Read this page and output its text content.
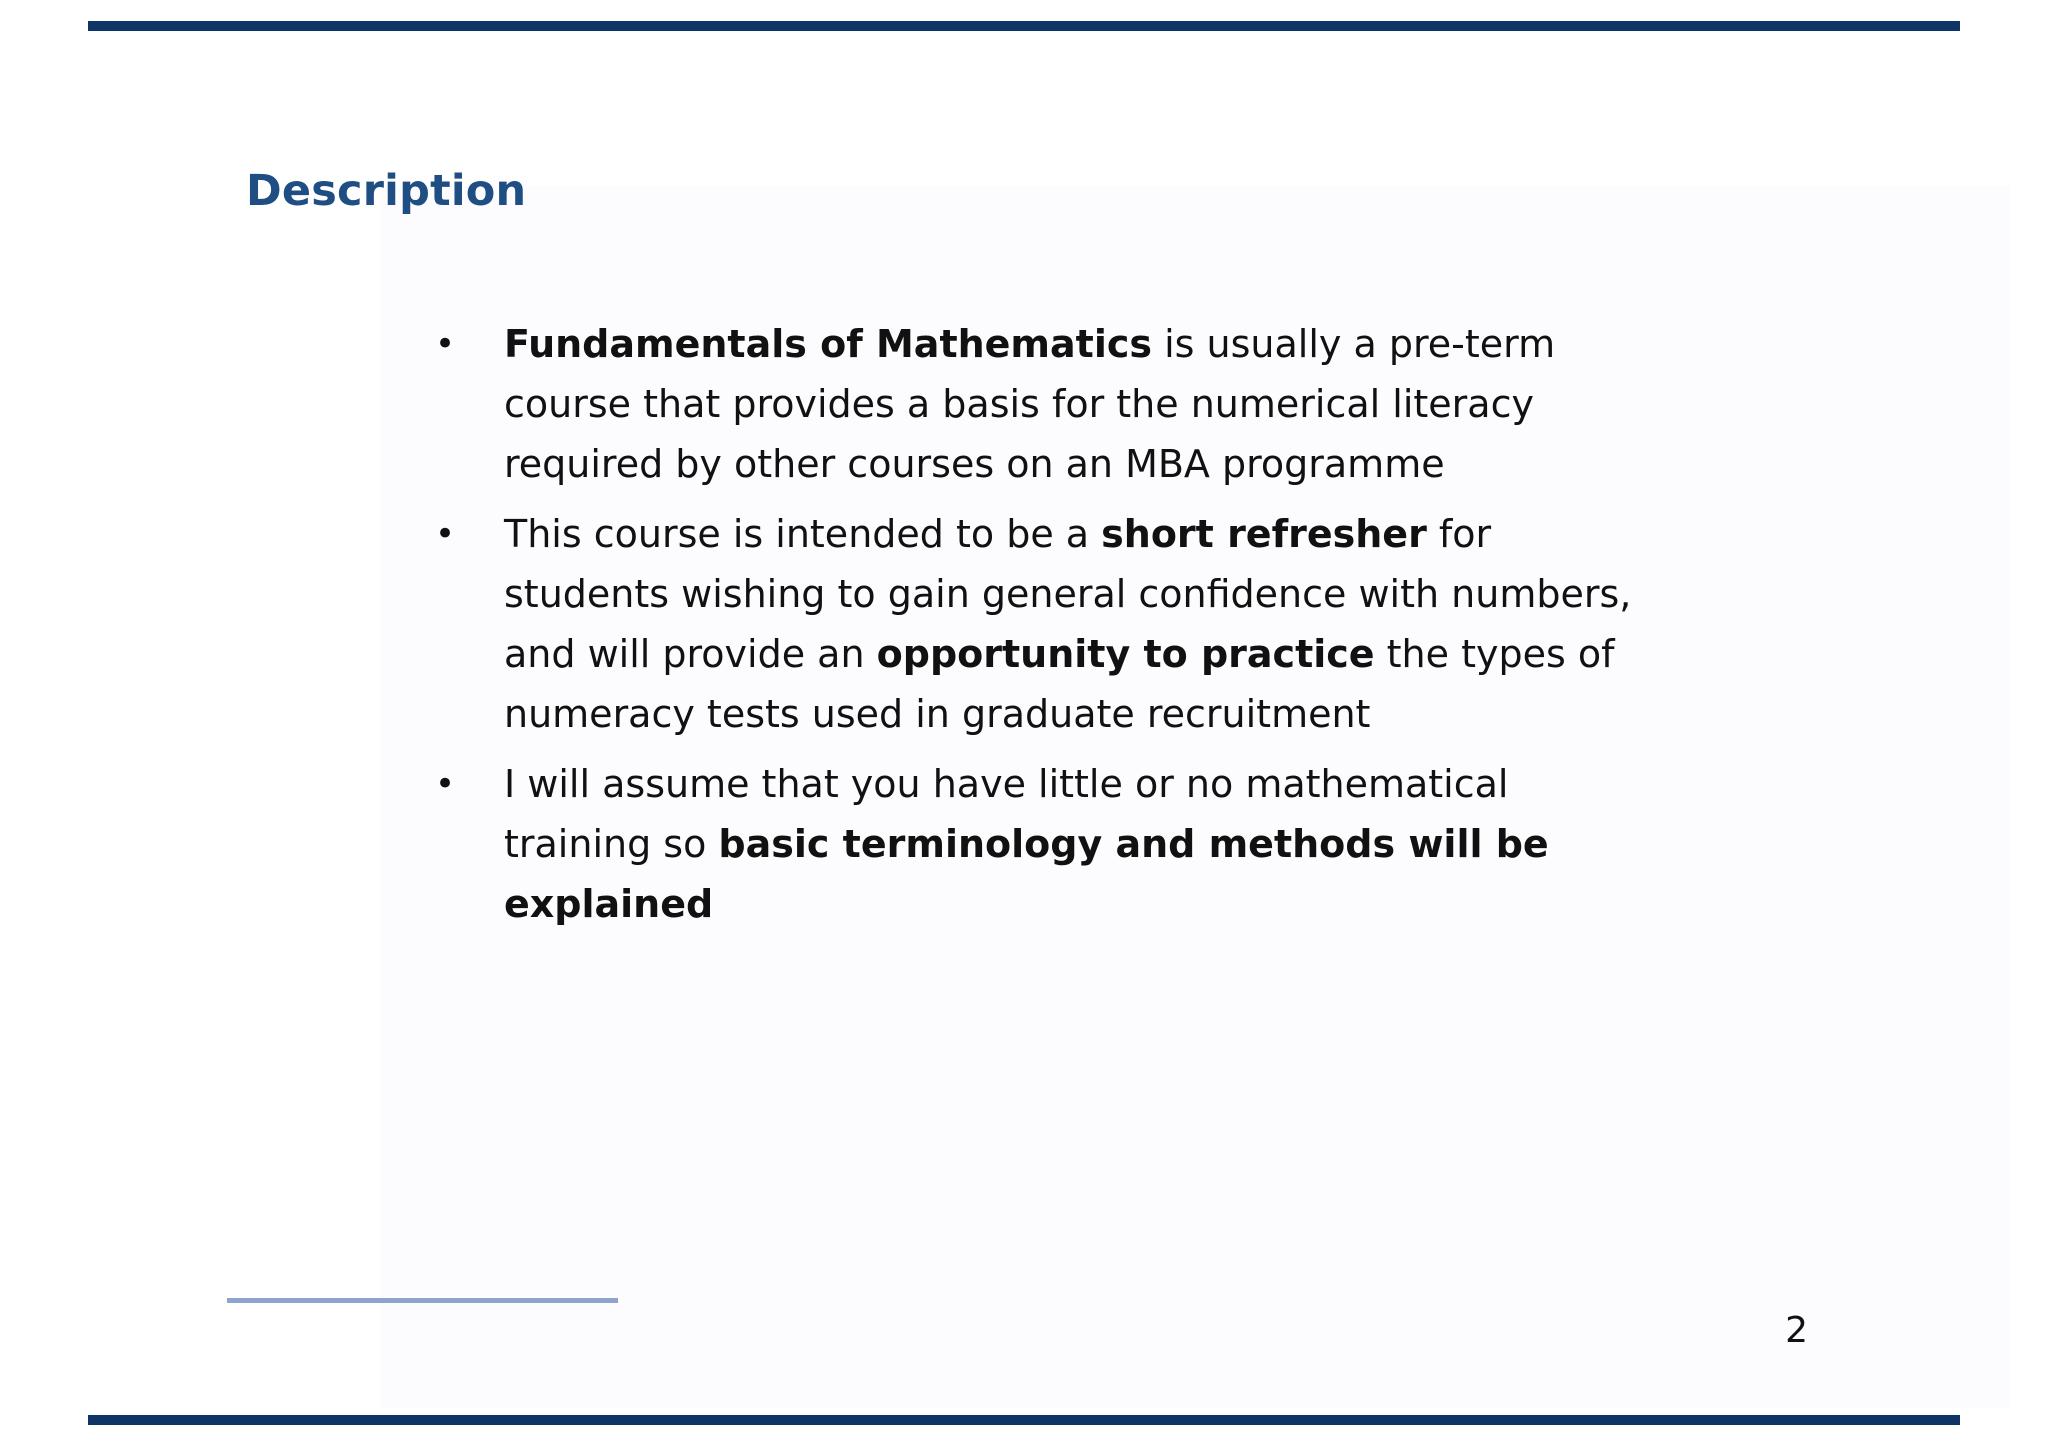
Description
• Fundamentals of Mathematics is usually a pre-term course that provides a basis for the numerical literacy required by other courses on an MBA programme
• This course is intended to be a short refresher for students wishing to gain general confidence with numbers, and will provide an opportunity to practice the types of numeracy tests used in graduate recruitment
• I will assume that you have little or no mathematical training so basic terminology and methods will be explained
2
